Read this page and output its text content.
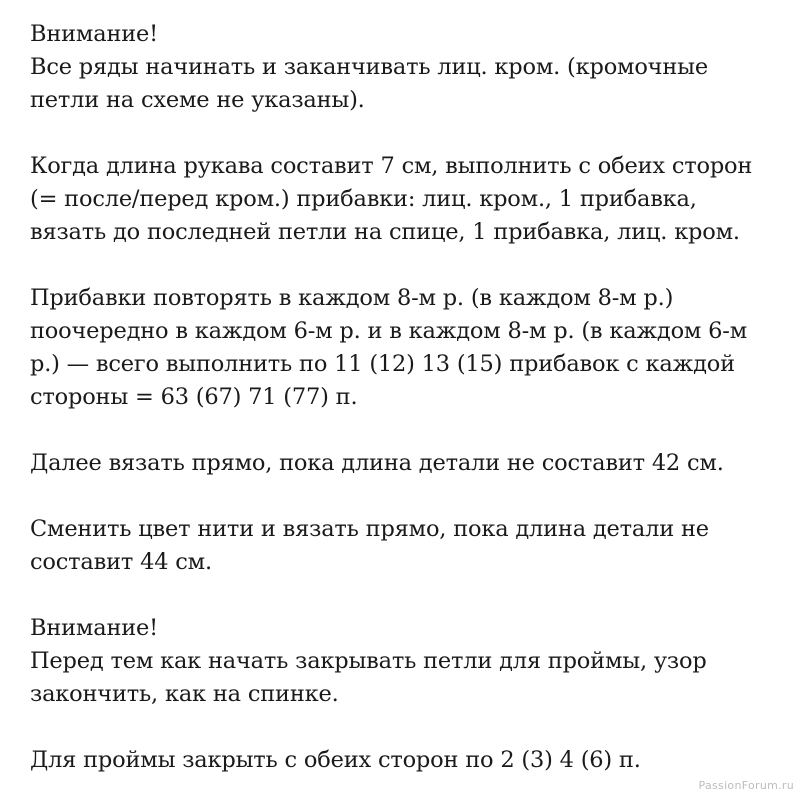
Внимание!
Все ряды начинать и заканчивать лиц. кром. (кромочные
петли на схеме не указаны).
Когда длина рукава составит 7 см, выполнить с обеих сторон
(= после/перед кром.) прибавки: лиц. кром., 1 прибавка,
вязать до последней петли на спице, 1 прибавка, лиц. кром.
Прибавки повторять в каждом 8-м р. (в каждом 8-м р.)
поочередно в каждом 6-м р. и в каждом 8-м р. (в каждом 6-м
р.) — всего выполнить по 11 (12) 13 (15) прибавок с каждой
стороны = 63 (67) 71 (77) п.
Далее вязать прямо, пока длина детали не составит 42 см.
Сменить цвет нити и вязать прямо, пока длина детали не
составит 44 см.
Внимание!
Перед тем как начать закрывать петли для проймы, узор
закончить, как на спинке.
Для проймы закрыть с обеих сторон по 2 (3) 4 (6) п.
PassionForum.ru
